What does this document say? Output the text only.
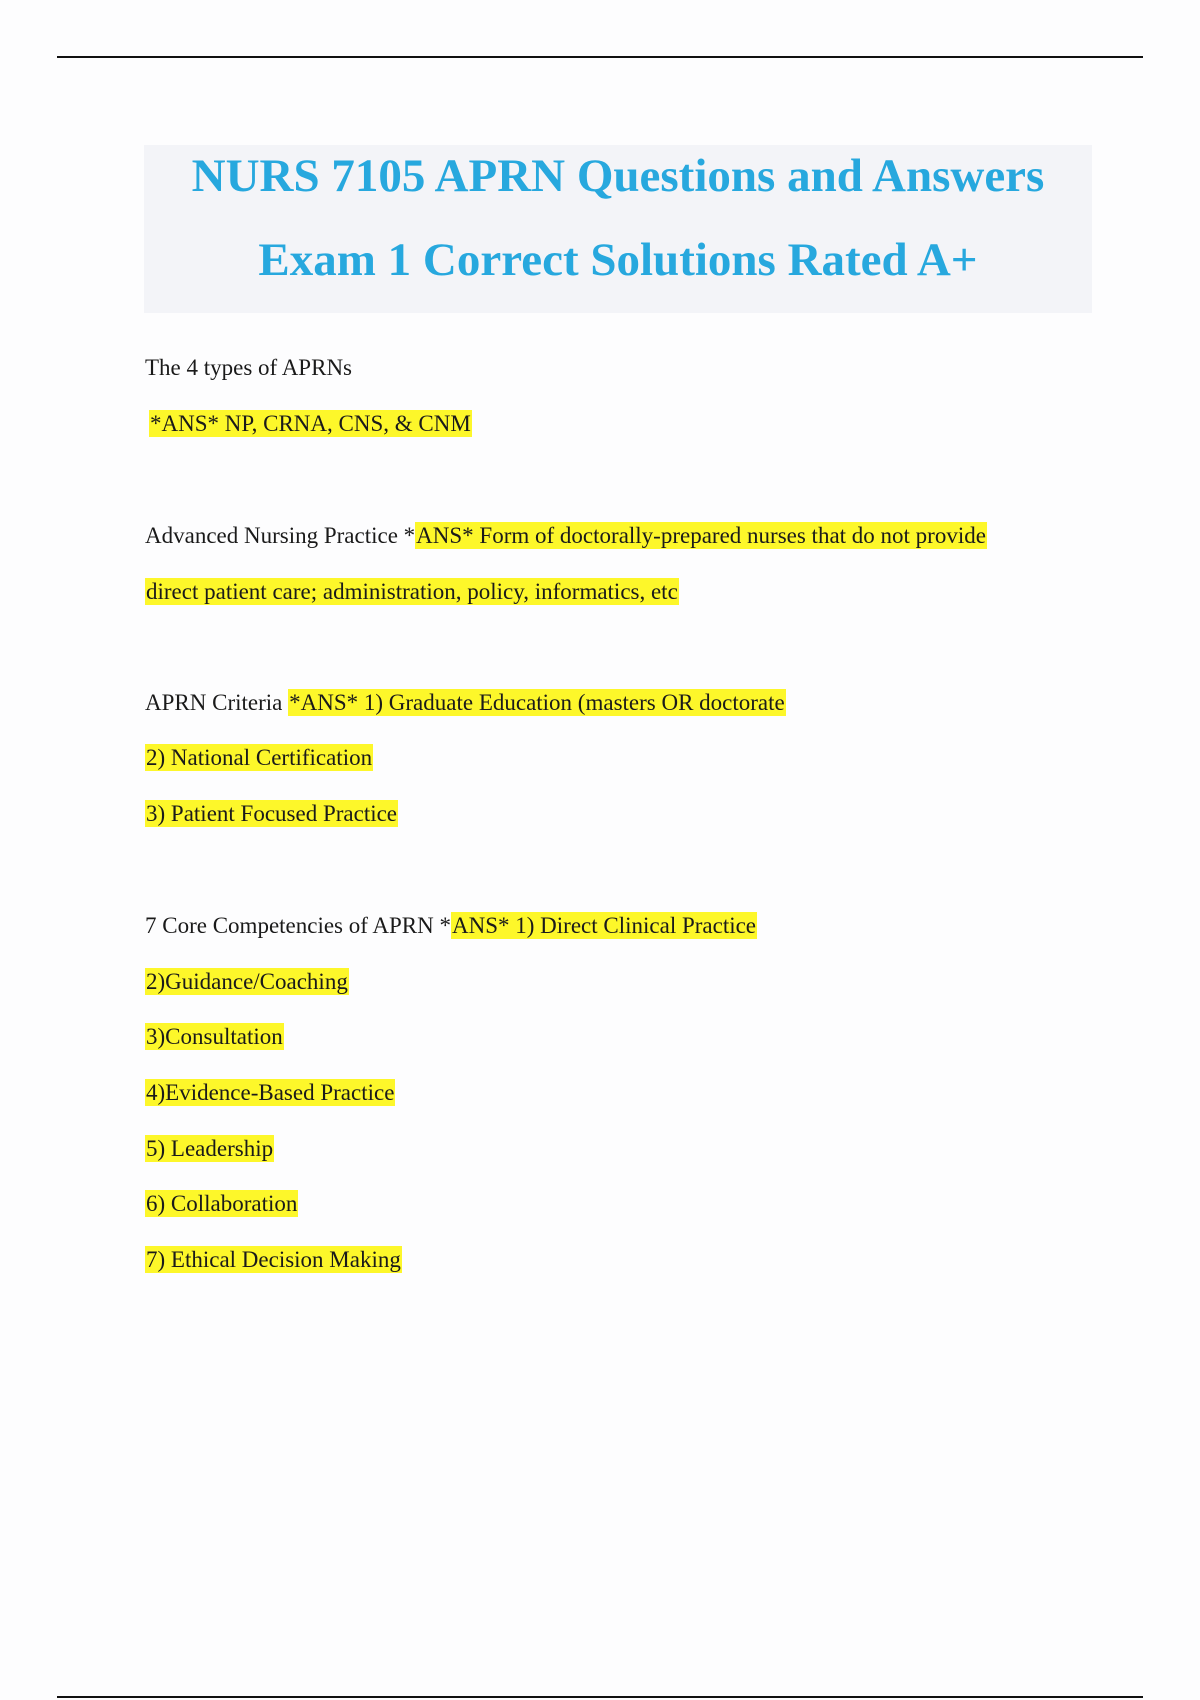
NURS 7105 APRN Questions and Answers
Exam 1 Correct Solutions Rated A+
The 4 types of APRNs
*ANS* NP, CRNA, CNS, & CNM
Advanced Nursing Practice *ANS* Form of doctorally-prepared nurses that do not provide
direct patient care; administration, policy, informatics, etc
APRN Criteria *ANS* 1) Graduate Education (masters OR doctorate
2) National Certification
3) Patient Focused Practice
7 Core Competencies of APRN *ANS* 1) Direct Clinical Practice
2)Guidance/Coaching
3)Consultation
4)Evidence-Based Practice
5) Leadership
6) Collaboration
7) Ethical Decision Making
